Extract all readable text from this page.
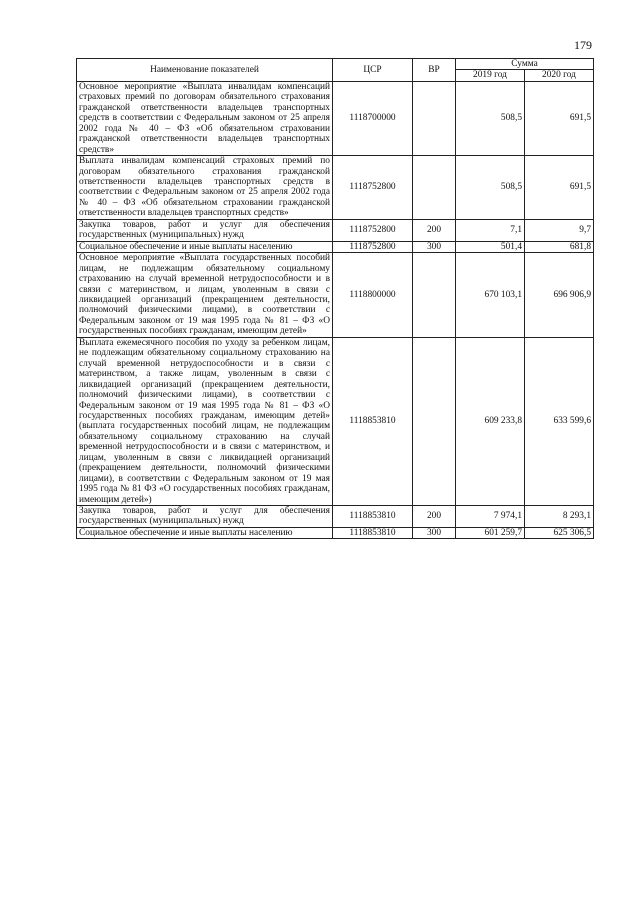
179
Наименование показателей	ЦСР	ВР	Сумма	
			2019 год	2020 год
Основное мероприятие «Выплата инвалидам компенсаций страховых премий по договорам обязательного страхования гражданской ответственности владельцев транспортных средств в соответствии с Федеральным законом от 25 апреля 2002 года № 40 – ФЗ «Об обязательном страховании гражданской ответственности владельцев транспортных средств»	1118700000		508,5	691,5
Выплата инвалидам компенсаций страховых премий по договорам обязательного страхования гражданской ответственности владельцев транспортных средств в соответствии с Федеральным законом от 25 апреля 2002 года № 40 – ФЗ «Об обязательном страховании гражданской ответственности владельцев транспортных средств»	1118752800		508,5	691,5
Закупка товаров, работ и услуг для обеспечения государственных (муниципальных) нужд	1118752800	200	7,1	9,7
Социальное обеспечение и иные выплаты населению	1118752800	300	501,4	681,8
Основное мероприятие «Выплата государственных пособий лицам, не подлежащим обязательному социальному страхованию на случай временной нетрудоспособности и в связи с материнством, и лицам, уволенным в связи с ликвидацией организаций (прекращением деятельности, полномочий физическими лицами), в соответствии с Федеральным законом от 19 мая 1995 года № 81 – ФЗ «О государственных пособиях гражданам, имеющим детей»	1118800000		670 103,1	696 906,9
Выплата ежемесячного пособия по уходу за ребенком лицам, не подлежащим обязательному социальному страхованию на случай временной нетрудоспособности и в связи с материнством, а также лицам, уволенным в связи с ликвидацией организаций (прекращением деятельности, полномочий физическими лицами), в соответствии с Федеральным законом от 19 мая 1995 года № 81 – ФЗ «О государственных пособиях гражданам, имеющим детей» (выплата государственных пособий лицам, не подлежащим обязательному социальному страхованию на случай временной нетрудоспособности и в связи с материнством, и лицам, уволенным в связи с ликвидацией организаций (прекращением деятельности, полномочий физическими лицами), в соответствии с Федеральным законом от 19 мая 1995 года № 81 ФЗ «О государственных пособиях гражданам, имеющим детей»)	1118853810		609 233,8	633 599,6
Закупка товаров, работ и услуг для обеспечения государственных (муниципальных) нужд	1118853810	200	7 974,1	8 293,1
Социальное обеспечение и иные выплаты населению	1118853810	300	601 259,7	625 306,5
